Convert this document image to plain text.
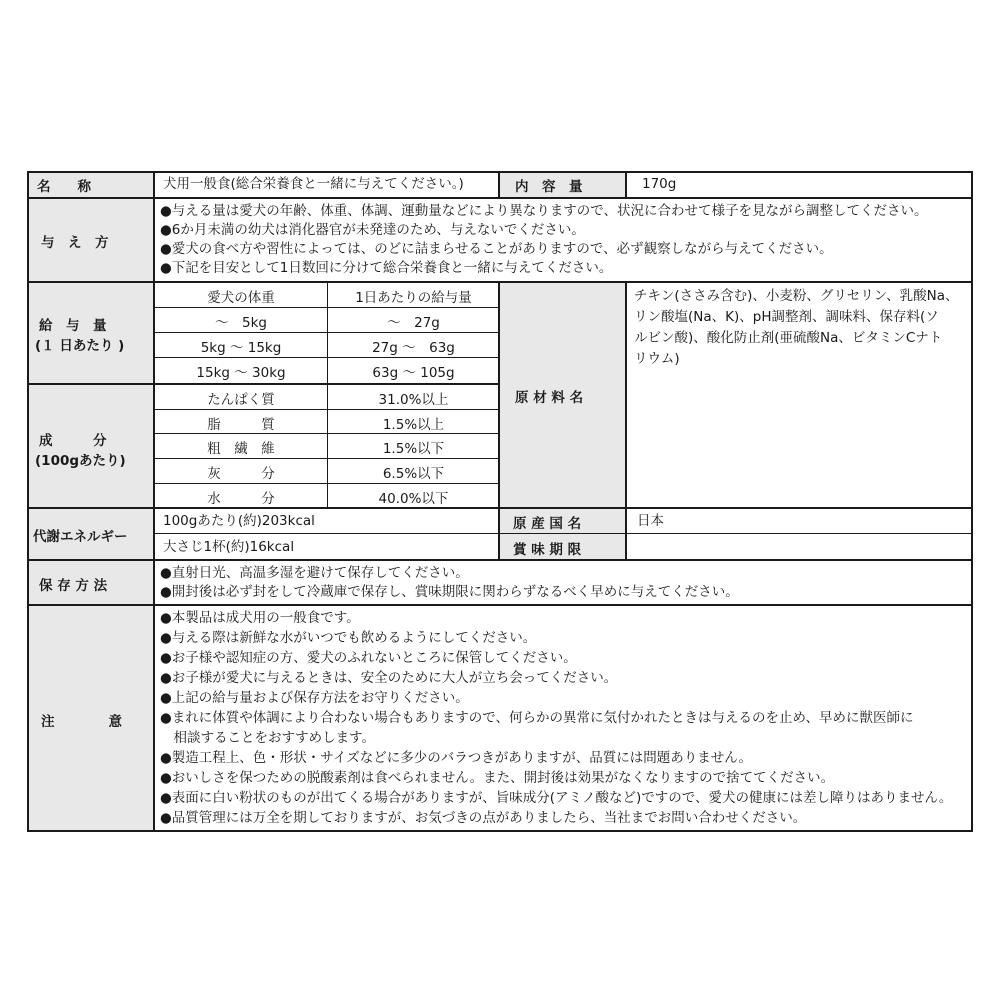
名　　称	犬用一般食(総合栄養食と一緒に与えてください。)	内　容　量	170g
与　え　方
●与える量は愛犬の年齢、体重、体調、運動量などにより異なりますので、状況に合わせて様子を見ながら調整してください。
●6か月未満の幼犬は消化器官が未発達のため、与えないでください。
●愛犬の食べ方や習性によっては、のどに詰まらせることがありますので、必ず観察しながら与えてください。
●下記を目安として1日数回に分けて総合栄養食と一緒に与えてください。
給　与　量
(１ 日あたり )
愛犬の体重	1日あたりの給与量
〜　5kg	〜　27g
5kg 〜 15kg	27g 〜　63g
15kg 〜 30kg	63g 〜 105g
成　　　分
(100gあたり)
たんぱく質	31.0%以上
脂　　　質	1.5%以上
粗　繊　維	1.5%以下
灰　　　分	6.5%以下
水　　　分	40.0%以下
原 材 料 名
チキン(ささみ含む)、小麦粉、グリセリン、乳酸Na、
リン酸塩(Na、K)、pH調整剤、調味料、保存料(ソ
ルビン酸)、酸化防止剤(亜硫酸Na、ビタミンCナト
リウム)
代謝エネルギー
100gあたり(約)203kcal
大さじ1杯(約)16kcal
原 産 国 名	日本
賞 味 期 限
保 存 方 法
●直射日光、高温多湿を避けて保存してください。
●開封後は必ず封をして冷蔵庫で保存し、賞味期限に関わらずなるべく早めに与えてください。
注　　　　意
●本製品は成犬用の一般食です。
●与える際は新鮮な水がいつでも飲めるようにしてください。
●お子様や認知症の方、愛犬のふれないところに保管してください。
●お子様が愛犬に与えるときは、安全のために大人が立ち会ってください。
●上記の給与量および保存方法をお守りください。
●まれに体質や体調により合わない場合もありますので、何らかの異常に気付かれたときは与えるのを止め、早めに獣医師に
　相談することをおすすめします。
●製造工程上、色・形状・サイズなどに多少のバラつきがありますが、品質には問題ありません。
●おいしさを保つための脱酸素剤は食べられません。また、開封後は効果がなくなりますので捨ててください。
●表面に白い粉状のものが出てくる場合がありますが、旨味成分(アミノ酸など)ですので、愛犬の健康には差し障りはありません。
●品質管理には万全を期しておりますが、お気づきの点がありましたら、当社までお問い合わせください。
